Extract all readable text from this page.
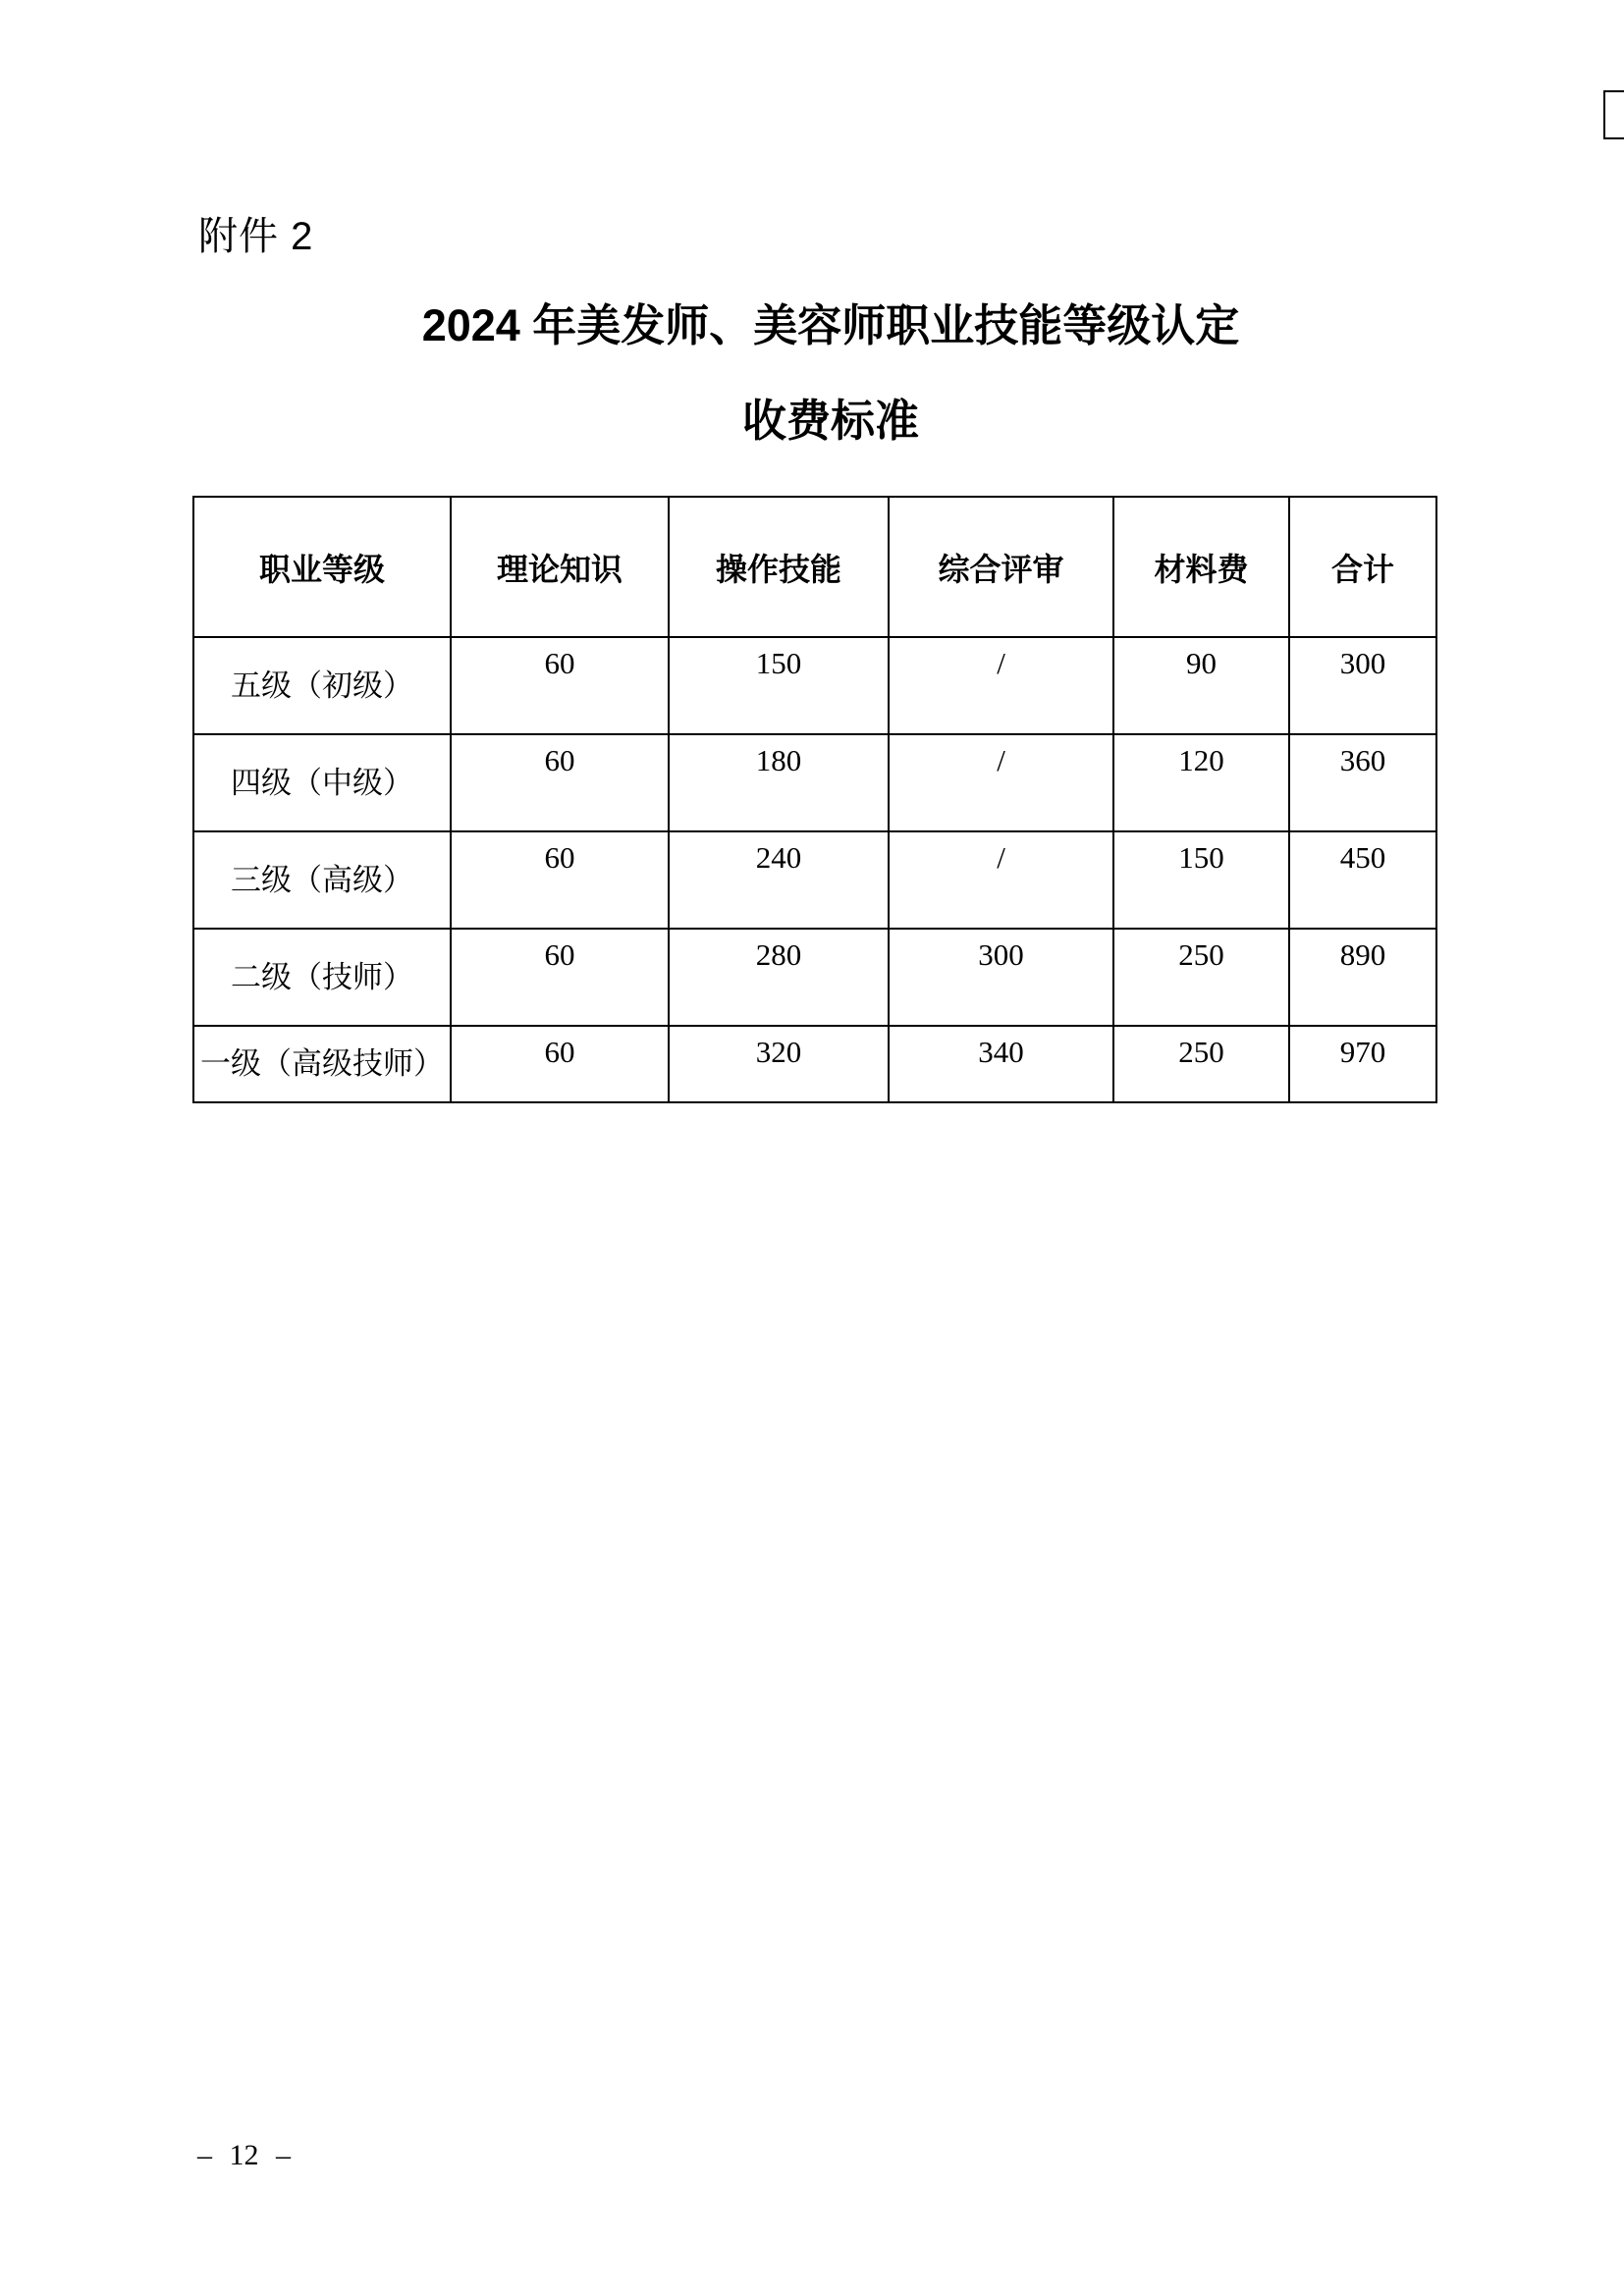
附件 2
2024 年美发师、美容师职业技能等级认定
收费标准
职业等级	理论知识	操作技能	综合评审	材料费	合计
五级（初级）	60	150	/	90	300
四级（中级）	60	180	/	120	360
三级（高级）	60	240	/	150	450
二级（技师）	60	280	300	250	890
一级（高级技师）	60	320	340	250	970
– 12 –
